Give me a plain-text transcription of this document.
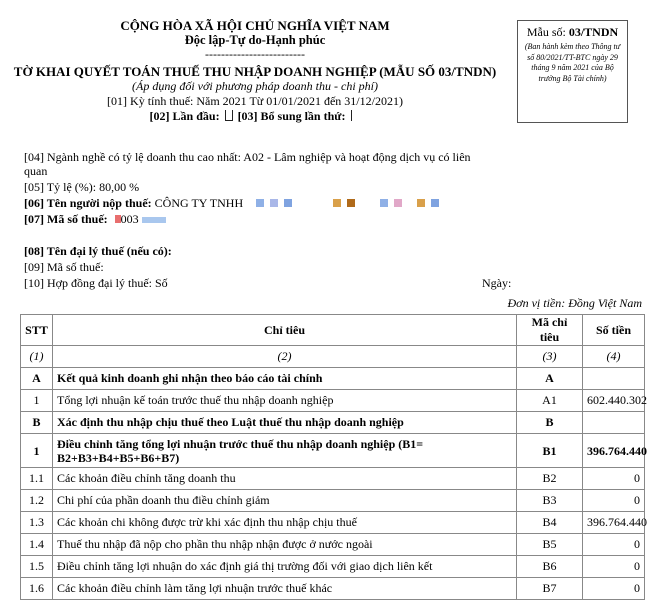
CỘNG HÒA XÃ HỘI CHỦ NGHĨA VIỆT NAM
Độc lập-Tự do-Hạnh phúc
-------------------------
TỜ KHAI QUYẾT TOÁN THUẾ THU NHẬP DOANH NGHIỆP (MẪU SỐ 03/TNDN)
(Áp dụng đối với phương pháp doanh thu - chi phí)
[01] Kỳ tính thuế: Năm 2021 Từ 01/01/2021 đến 31/12/2021)
[02] Lần đầu: [03] Bổ sung lần thứ:
Mẫu số: 03/TNDN
(Ban hành kèm theo Thông tư số 80/2021/TT-BTC ngày 29 tháng 9 năm 2021 của Bộ trưởng Bộ Tài chính)
[04] Ngành nghề có tỷ lệ doanh thu cao nhất: A02 - Lâm nghiệp và hoạt động dịch vụ có liên quan
[05] Tỷ lệ (%): 80,00 %
[06] Tên người nộp thuế: CÔNG TY TNHH
[07] Mã số thuế: 003
[08] Tên đại lý thuế (nếu có):
[09] Mã số thuế:
[10] Hợp đồng đại lý thuế: Số	Ngày:
Đơn vị tiền: Đồng Việt Nam
STT	Chỉ tiêu	Mã chỉ tiêu	Số tiền
(1)	(2)	(3)	(4)
A	Kết quả kinh doanh ghi nhận theo báo cáo tài chính	A	
1	Tổng lợi nhuận kế toán trước thuế thu nhập doanh nghiệp	A1	602.440.302
B	Xác định thu nhập chịu thuế theo Luật thuế thu nhập doanh nghiệp	B	
1	Điều chỉnh tăng tổng lợi nhuận trước thuế thu nhập doanh nghiệp (B1= B2+B3+B4+B5+B6+B7)	B1	396.764.440
1.1	Các khoản điều chỉnh tăng doanh thu	B2	0
1.2	Chi phí của phần doanh thu điều chỉnh giảm	B3	0
1.3	Các khoản chi không được trừ khi xác định thu nhập chịu thuế	B4	396.764.440
1.4	Thuế thu nhập đã nộp cho phần thu nhập nhận được ở nước ngoài	B5	0
1.5	Điều chỉnh tăng lợi nhuận do xác định giá thị trường đối với giao dịch liên kết	B6	0
1.6	Các khoản điều chỉnh làm tăng lợi nhuận trước thuế khác	B7	0
